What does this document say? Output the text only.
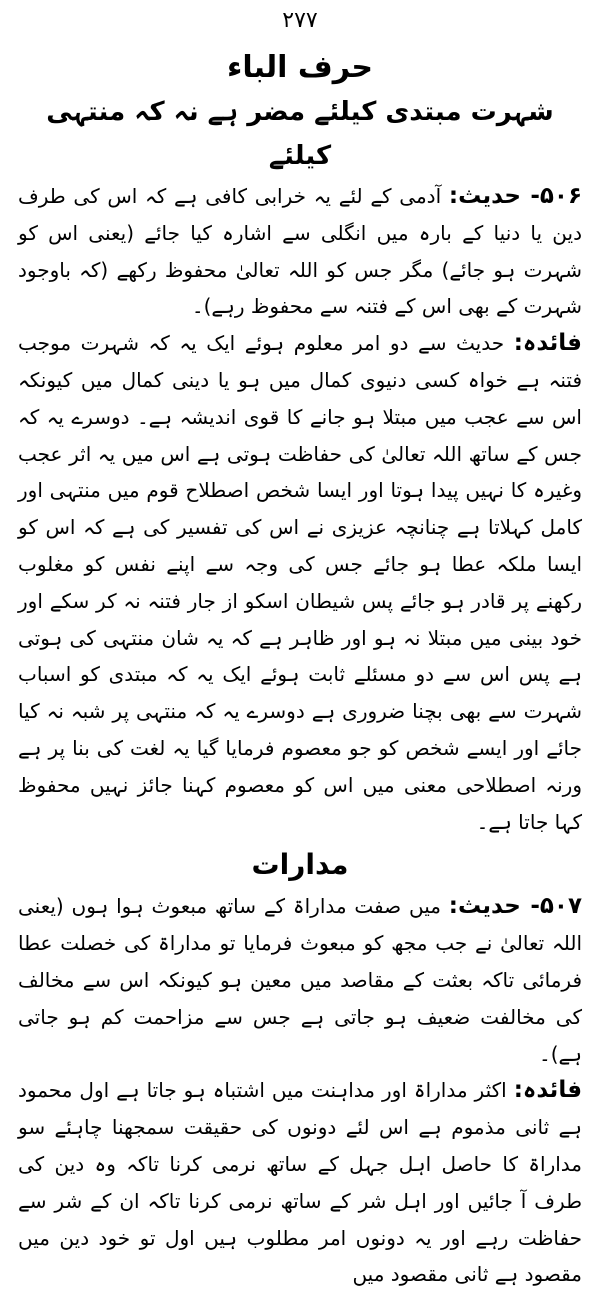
۲۷۷
حرف الباء
شہرت مبتدی کیلئے مضر ہے نہ کہ منتہی کیلئے

۵۰۶- حدیث: آدمی کے لئے یہ خرابی کافی ہے کہ اس کی طرف دین یا دنیا کے بارہ میں انگلی سے اشارہ کیا جائے (یعنی اس کو شہرت ہو جائے) مگر جس کو اللہ تعالیٰ محفوظ رکھے (کہ باوجود شہرت کے بھی اس کے فتنہ سے محفوظ رہے)۔

فائدہ: حدیث سے دو امر معلوم ہوئے ایک یہ کہ شہرت موجب فتنہ ہے خواہ کسی دنیوی کمال میں ہو یا دینی کمال میں کیونکہ اس سے عجب میں مبتلا ہو جانے کا قوی اندیشہ ہے۔ دوسرے یہ کہ جس کے ساتھ اللہ تعالیٰ کی حفاظت ہوتی ہے اس میں یہ اثر عجب وغیرہ کا نہیں پیدا ہوتا اور ایسا شخص اصطلاح قوم میں منتہی اور کامل کہلاتا ہے چنانچہ عزیزی نے اس کی تفسیر کی ہے کہ اس کو ایسا ملکہ عطا ہو جائے جس کی وجہ سے اپنے نفس کو مغلوب رکھنے پر قادر ہو جائے پس شیطان اسکو از جار فتنہ نہ کر سکے اور خود بینی میں مبتلا نہ ہو اور ظاہر ہے کہ یہ شان منتہی کی ہوتی ہے پس اس سے دو مسئلے ثابت ہوئے ایک یہ کہ مبتدی کو اسباب شہرت سے بھی بچنا ضروری ہے دوسرے یہ کہ منتہی پر شبہ نہ کیا جائے اور ایسے شخص کو جو معصوم فرمایا گیا یہ لغت کی بنا پر ہے ورنہ اصطلاحی معنی میں اس کو معصوم کہنا جائز نہیں محفوظ کہا جاتا ہے۔

مدارات

۵۰۷- حدیث: میں صفت مداراۃ کے ساتھ مبعوث ہوا ہوں (یعنی اللہ تعالیٰ نے جب مجھ کو مبعوث فرمایا تو مداراۃ کی خصلت عطا فرمائی تاکہ بعثت کے مقاصد میں معین ہو کیونکہ اس سے مخالف کی مخالفت ضعیف ہو جاتی ہے جس سے مزاحمت کم ہو جاتی ہے)۔

فائدہ: اکثر مداراۃ اور مداہنت میں اشتباہ ہو جاتا ہے اول محمود ہے ثانی مذموم ہے اس لئے دونوں کی حقیقت سمجھنا چاہئے سو مداراۃ کا حاصل اہل جہل کے ساتھ نرمی کرنا تاکہ وہ دین کی طرف آ جائیں اور اہل شر کے ساتھ نرمی کرنا تاکہ ان کے شر سے حفاظت رہے اور یہ دونوں امر مطلوب ہیں اول تو خود دین میں مقصود ہے ثانی مقصود میں
